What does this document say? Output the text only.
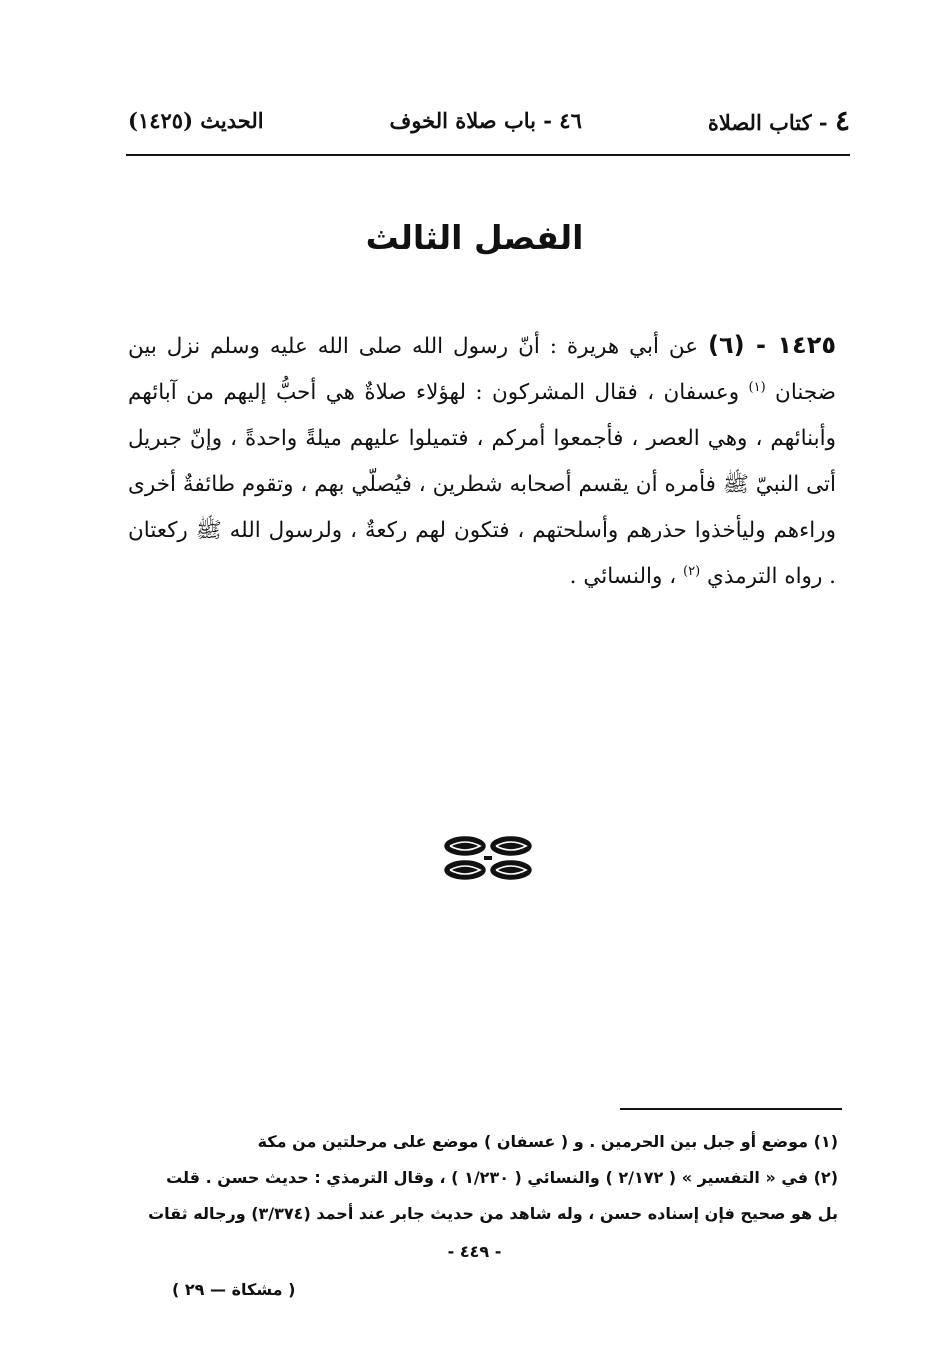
٤ - كتاب الصلاة
٤٦ - باب صلاة الخوف
الحديث (١٤٢٥)
الفصل الثالث
١٤٢٥ - (٦) عن أبي هريرة : أنّ رسول الله صلى الله عليه وسلم نزل بين ضجنان $^{(١)}$ وعسفان ، فقال المشركون : لهؤلاء صلاةٌ هي أحبُّ إليهم من آبائهم وأبنائهم ، وهي العصر ، فأجمعوا أمركم ، فتميلوا عليهم ميلةً واحدةً ، وإنّ جبريل أتى النبيّ ﷺ فأمره أن يقسم أصحابه شطرين ، فيُصلّي بهم ، وتقوم طائفةٌ أخرى وراءهم وليأخذوا حذرهم وأسلحتهم ، فتكون لهم ركعةٌ ، ولرسول الله ﷺ ركعتان . رواه الترمذي $^{(٢)}$ ، والنسائي .

(١) موضع أو جبل بين الحرمين . و ( عسفان ) موضع على مرحلتين من مكة

(٢) في « التفسير » ( ٢/١٧٢ ) والنسائي ( ١/٢٣٠ ) ، وقال الترمذي : حديث حسن . قلت

بل هو صحيح فإن إسناده حسن ، وله شاهد من حديث جابر عند أحمد (٣/٣٧٤) ورجاله ثقات

- ٤٤٩ -
( مشكاة — ٢٩ )
